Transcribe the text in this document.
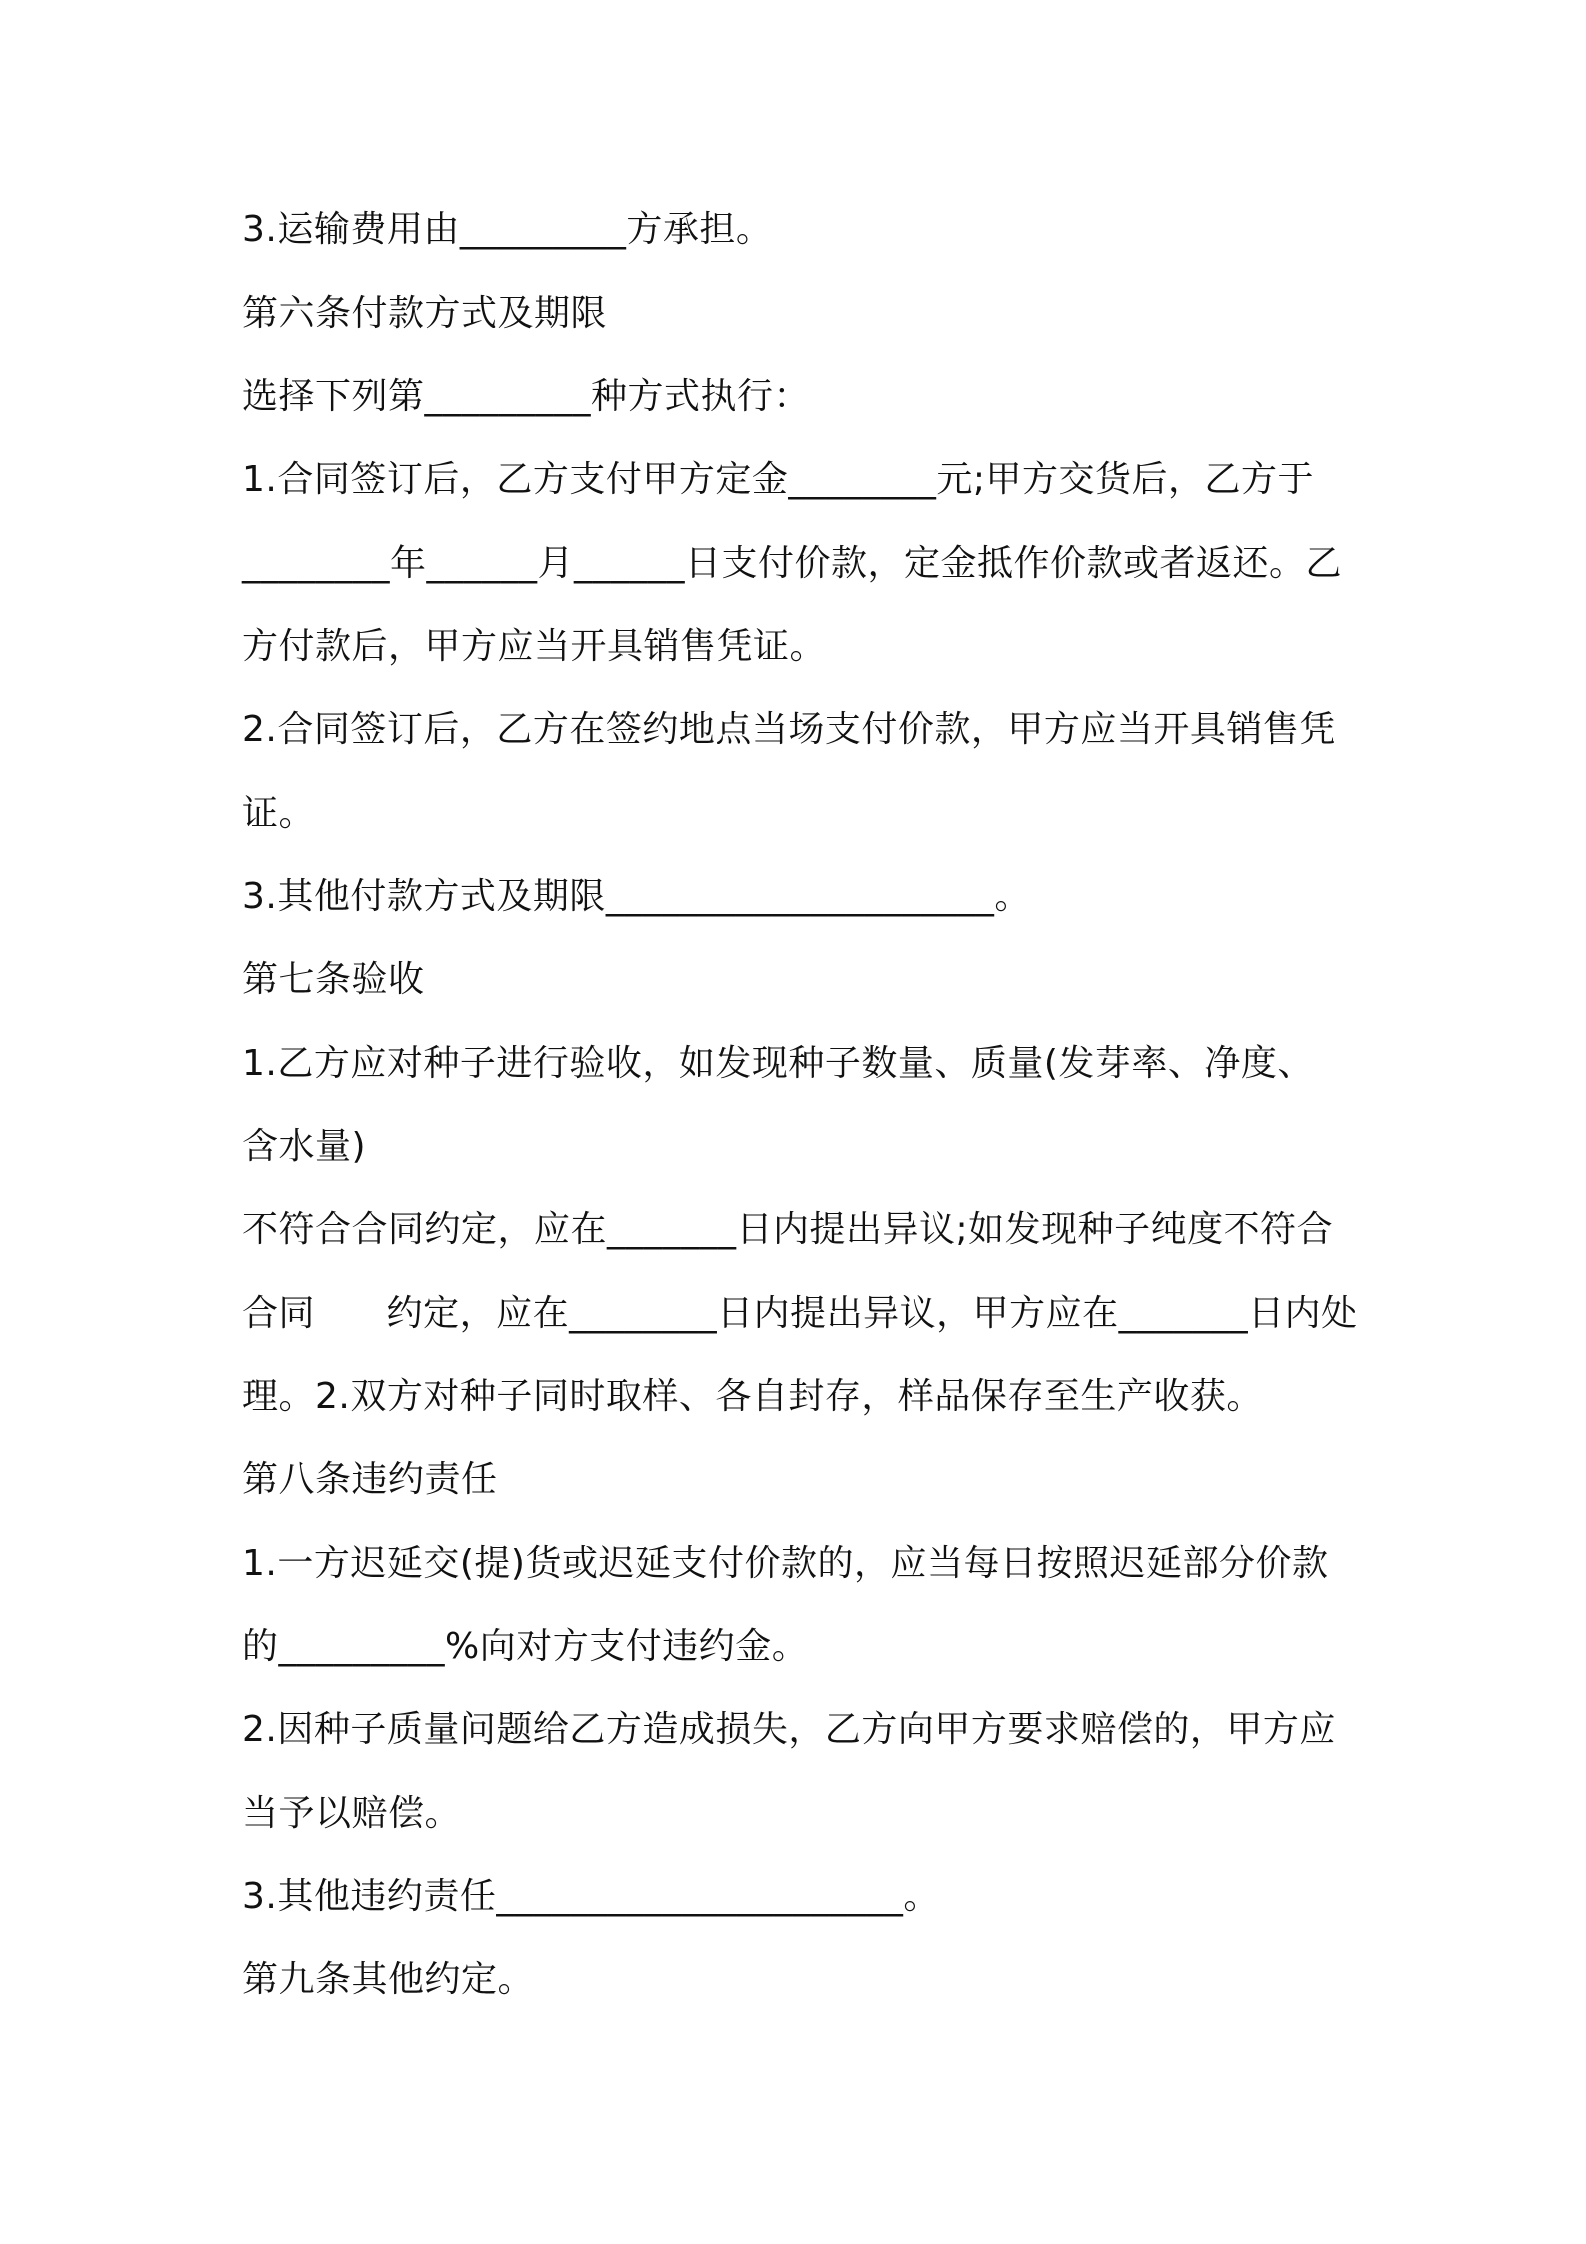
3.运输费用由_________方承担。
第六条付款方式及期限
选择下列第_________种方式执行：
1.合同签订后，乙方支付甲方定金________元;甲方交货后，乙方于
________年______月______日支付价款，定金抵作价款或者返还。乙
方付款后，甲方应当开具销售凭证。
2.合同签订后，乙方在签约地点当场支付价款，甲方应当开具销售凭
证。
3.其他付款方式及期限_____________________。
第七条验收
1.乙方应对种子进行验收，如发现种子数量、质量(发芽率、净度、
含水量)
不符合合同约定，应在_______日内提出异议;如发现种子纯度不符合
合同      约定，应在________日内提出异议，甲方应在_______日内处
理。2.双方对种子同时取样、各自封存，样品保存至生产收获。
第八条违约责任
1.一方迟延交(提)货或迟延支付价款的，应当每日按照迟延部分价款
的_________%向对方支付违约金。
2.因种子质量问题给乙方造成损失，乙方向甲方要求赔偿的，甲方应
当予以赔偿。
3.其他违约责任______________________。
第九条其他约定。
